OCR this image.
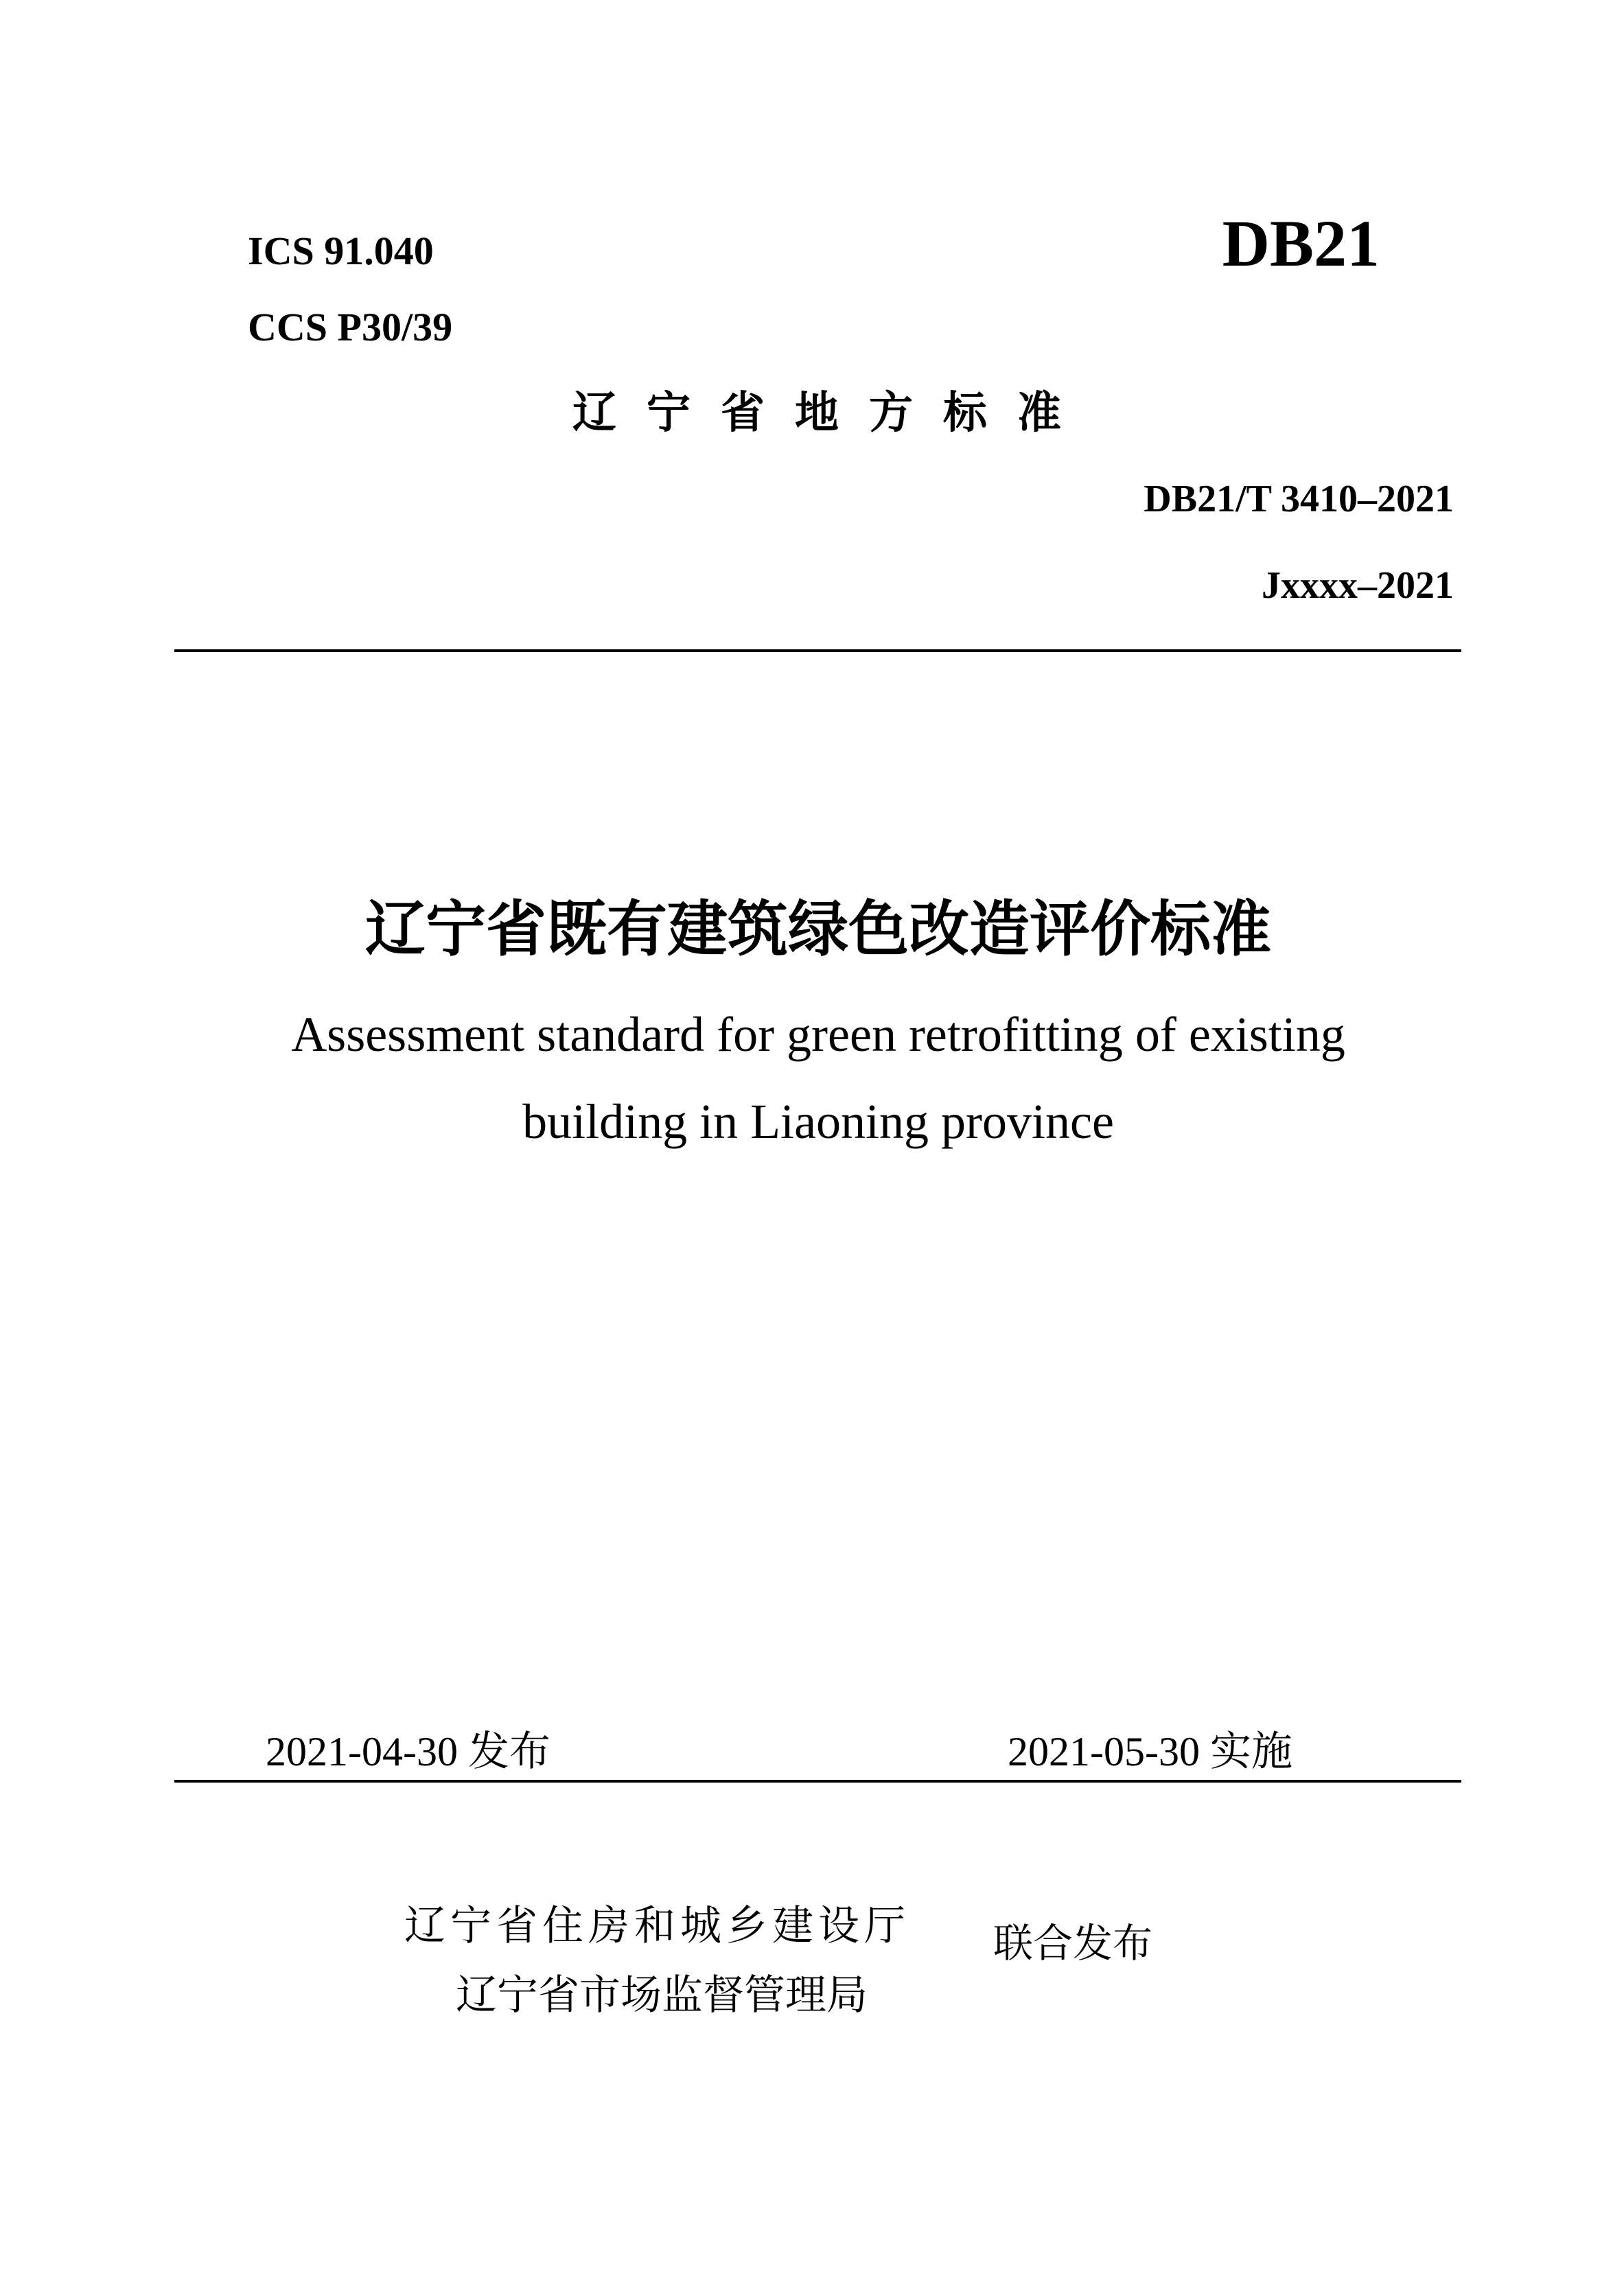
ICS 91.040
CCS P30/39
DB21
辽宁省地方标准
DB21/T 3410–2021
Jxxxx–2021
辽宁省既有建筑绿色改造评价标准
Assessment standard for green retrofitting of existing
building in Liaoning province
2021-04-30 发布	2021-05-30 实施
辽宁省住房和城乡建设厅
辽宁省市场监督管理局
联合发布
